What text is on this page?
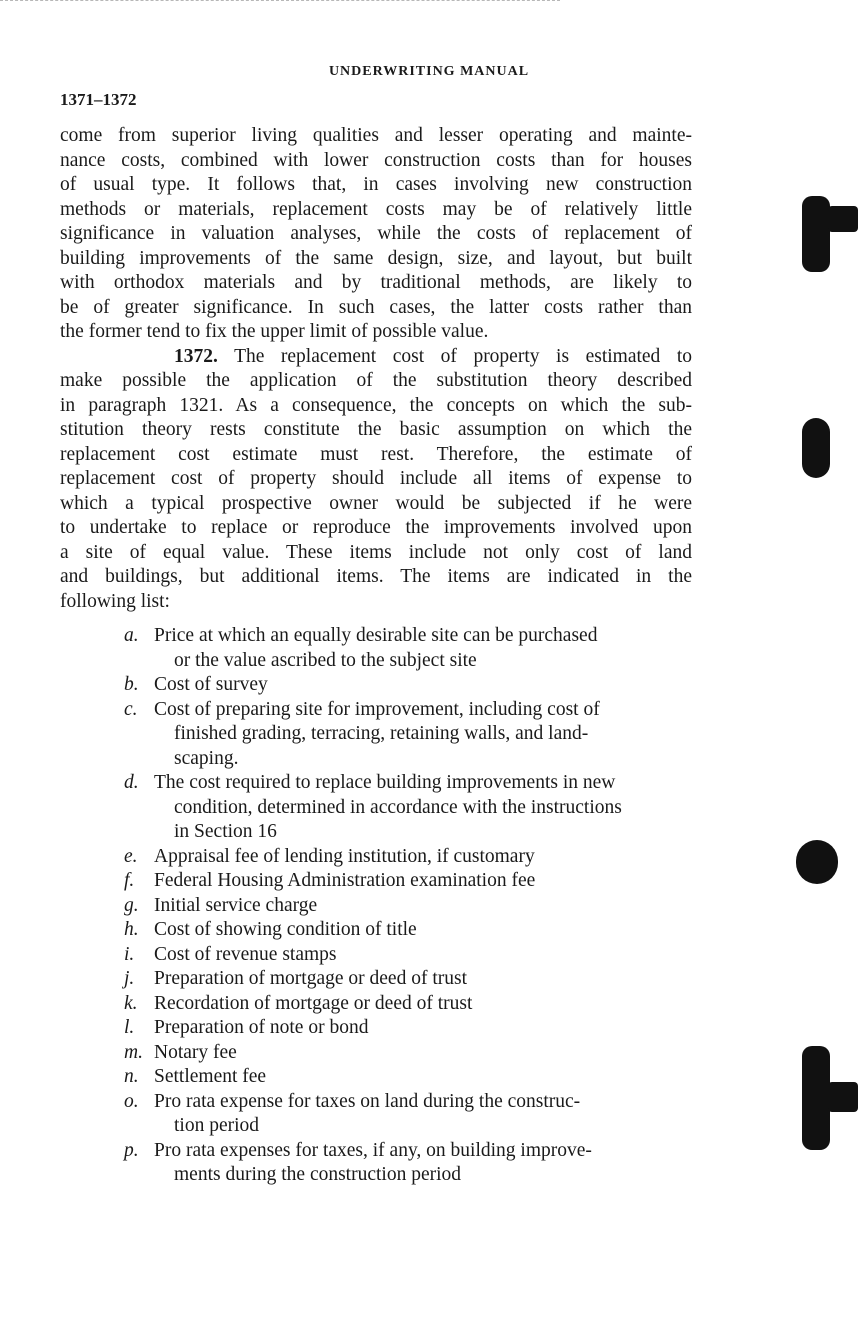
UNDERWRITING MANUAL
1371–1372
come from superior living qualities and lesser operating and mainte-
nance costs, combined with lower construction costs than for houses
of usual type. It follows that, in cases involving new construction
methods or materials, replacement costs may be of relatively little
significance in valuation analyses, while the costs of replacement of
building improvements of the same design, size, and layout, but built
with orthodox materials and by traditional methods, are likely to
be of greater significance. In such cases, the latter costs rather than
the former tend to fix the upper limit of possible value.
1372. The replacement cost of property is estimated to
make possible the application of the substitution theory described
in paragraph 1321. As a consequence, the concepts on which the sub-
stitution theory rests constitute the basic assumption on which the
replacement cost estimate must rest. Therefore, the estimate of
replacement cost of property should include all items of expense to
which a typical prospective owner would be subjected if he were
to undertake to replace or reproduce the improvements involved upon
a site of equal value. These items include not only cost of land
and buildings, but additional items. The items are indicated in the
following list:
a. Price at which an equally desirable site can be purchased
or the value ascribed to the subject site
b. Cost of survey
c. Cost of preparing site for improvement, including cost of
finished grading, terracing, retaining walls, and land-
scaping.
d. The cost required to replace building improvements in new
condition, determined in accordance with the instructions
in Section 16
e. Appraisal fee of lending institution, if customary
f. Federal Housing Administration examination fee
g. Initial service charge
h. Cost of showing condition of title
i. Cost of revenue stamps
j. Preparation of mortgage or deed of trust
k. Recordation of mortgage or deed of trust
l. Preparation of note or bond
m. Notary fee
n. Settlement fee
o. Pro rata expense for taxes on land during the construc-
tion period
p. Pro rata expenses for taxes, if any, on building improve-
ments during the construction period
